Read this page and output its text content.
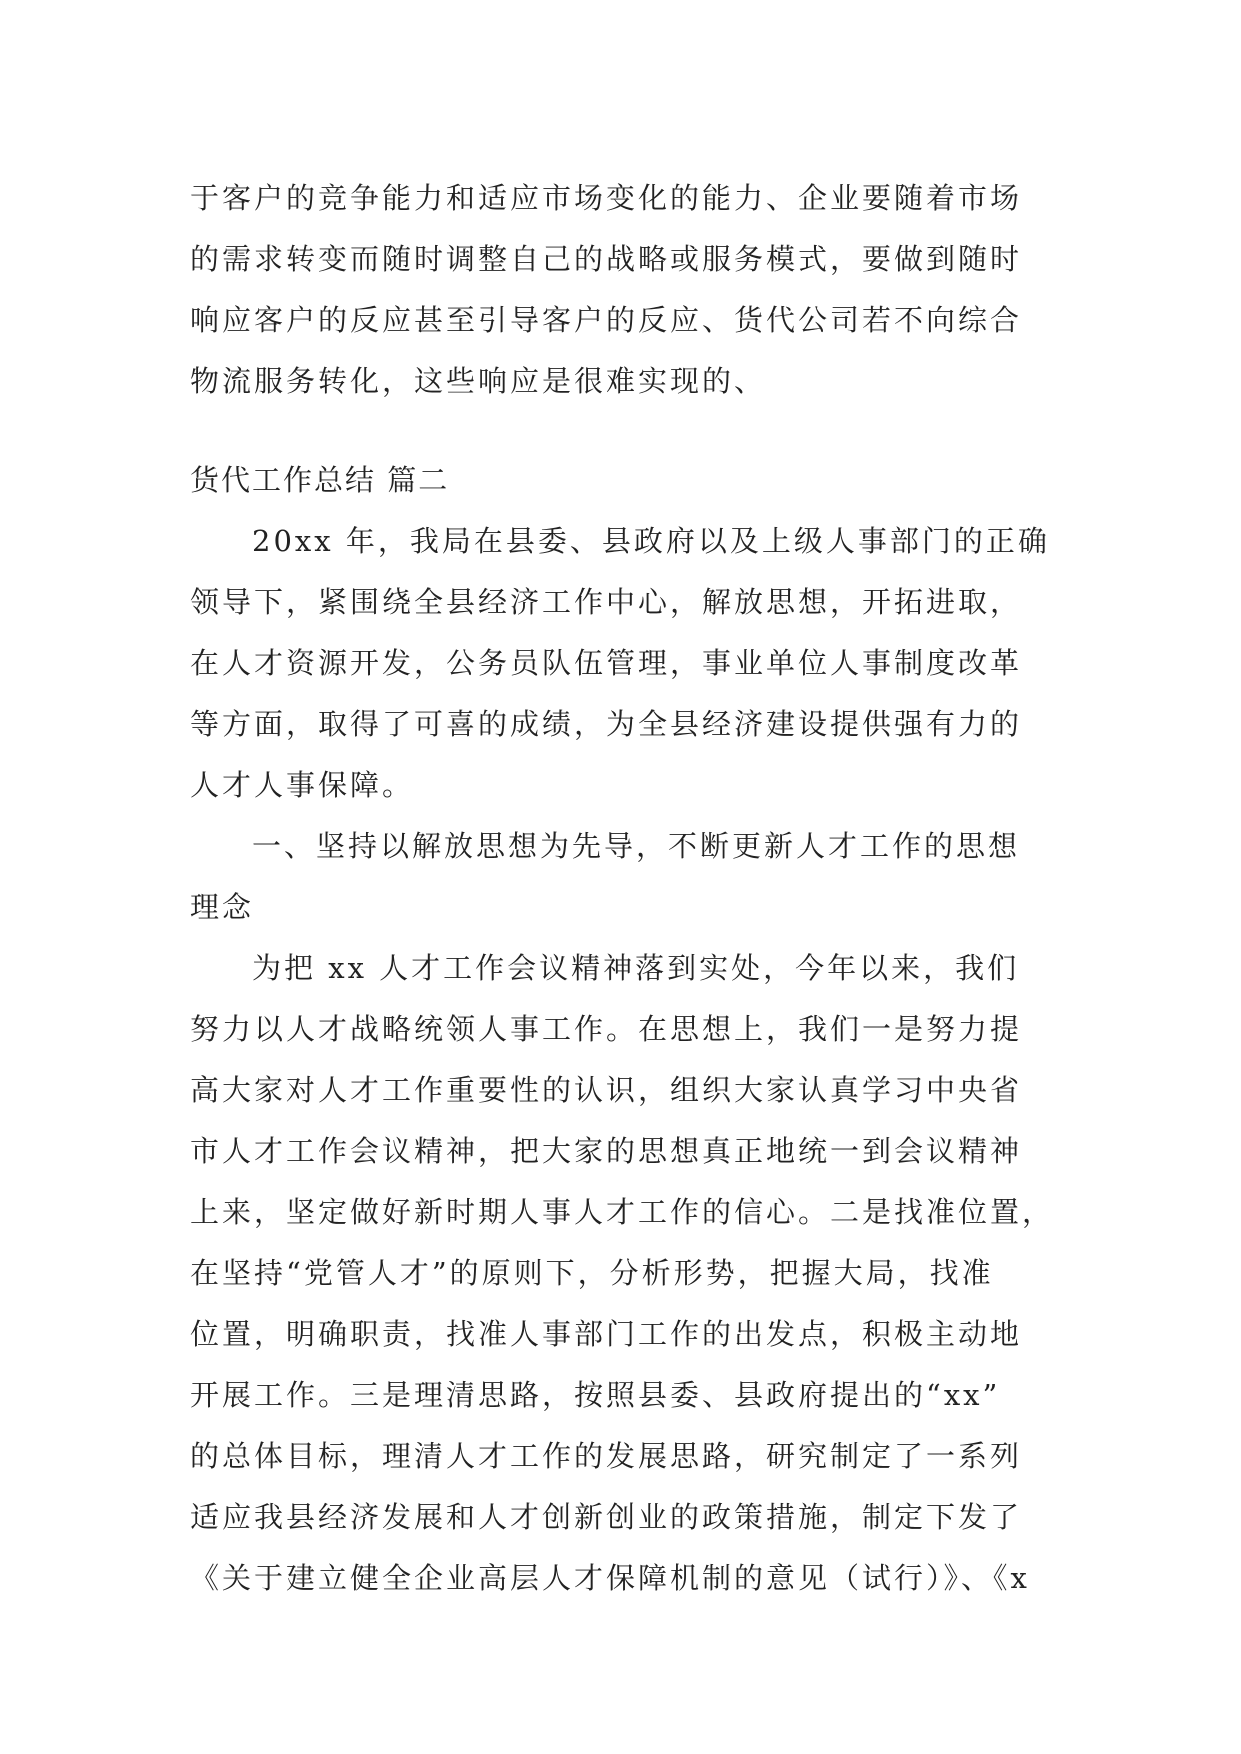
于客户的竞争能力和适应市场变化的能力、企业要随着市场
的需求转变而随时调整自己的战略或服务模式，要做到随时
响应客户的反应甚至引导客户的反应、货代公司若不向综合
物流服务转化，这些响应是很难实现的、
货代工作总结 篇二
20xx 年，我局在县委、县政府以及上级人事部门的正确
领导下，紧围绕全县经济工作中心，解放思想，开拓进取，
在人才资源开发，公务员队伍管理，事业单位人事制度改革
等方面，取得了可喜的成绩，为全县经济建设提供强有力的
人才人事保障。
一、坚持以解放思想为先导，不断更新人才工作的思想
理念
为把 xx 人才工作会议精神落到实处，今年以来，我们
努力以人才战略统领人事工作。在思想上，我们一是努力提
高大家对人才工作重要性的认识，组织大家认真学习中央省
市人才工作会议精神，把大家的思想真正地统一到会议精神
上来，坚定做好新时期人事人才工作的信心。二是找准位置，
在坚持“党管人才”的原则下，分析形势，把握大局，找准
位置，明确职责，找准人事部门工作的出发点，积极主动地
开展工作。三是理清思路，按照县委、县政府提出的“xx”
的总体目标，理清人才工作的发展思路，研究制定了一系列
适应我县经济发展和人才创新创业的政策措施，制定下发了
《关于建立健全企业高层人才保障机制的意见（试行）》、《x
